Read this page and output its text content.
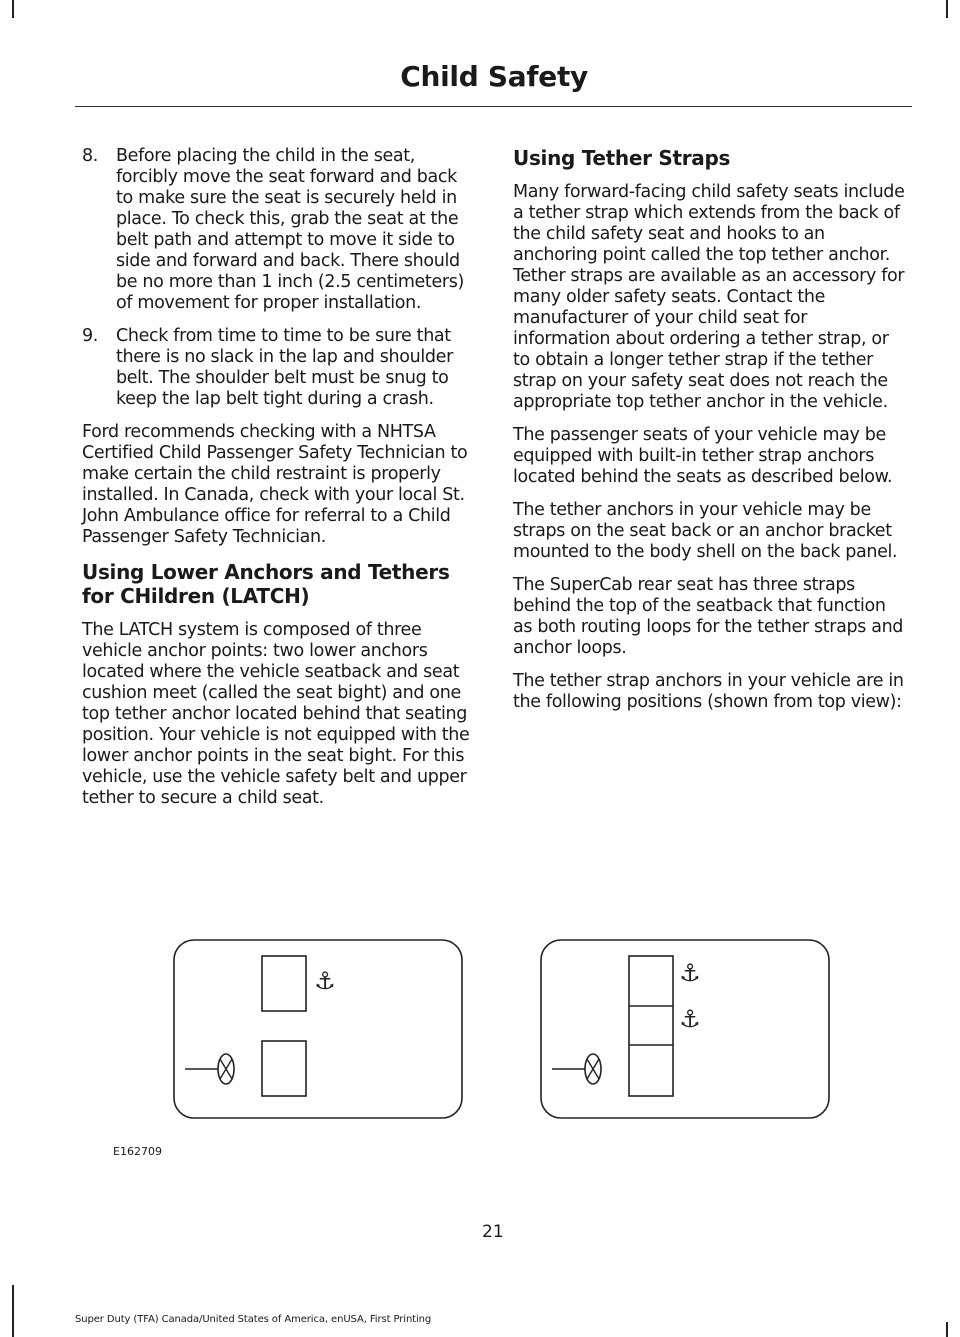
Child Safety
8. Before placing the child in the seat, forcibly move the seat forward and back to make sure the seat is securely held in place. To check this, grab the seat at the belt path and attempt to move it side to side and forward and back. There should be no more than 1 inch (2.5 centimeters) of movement for proper installation.
9. Check from time to time to be sure that there is no slack in the lap and shoulder belt. The shoulder belt must be snug to keep the lap belt tight during a crash.

Ford recommends checking with a NHTSA Certified Child Passenger Safety Technician to make certain the child restraint is properly installed. In Canada, check with your local St. John Ambulance office for referral to a Child Passenger Safety Technician.

Using Lower Anchors and Tethers for CHildren (LATCH)

The LATCH system is composed of three vehicle anchor points: two lower anchors located where the vehicle seatback and seat cushion meet (called the seat bight) and one top tether anchor located behind that seating position. Your vehicle is not equipped with the lower anchor points in the seat bight. For this vehicle, use the vehicle safety belt and upper tether to secure a child seat.

Using Tether Straps

Many forward-facing child safety seats include a tether strap which extends from the back of the child safety seat and hooks to an anchoring point called the top tether anchor. Tether straps are available as an accessory for many older safety seats. Contact the manufacturer of your child seat for information about ordering a tether strap, or to obtain a longer tether strap if the tether strap on your safety seat does not reach the appropriate top tether anchor in the vehicle.

The passenger seats of your vehicle may be equipped with built-in tether strap anchors located behind the seats as described below.

The tether anchors in your vehicle may be straps on the seat back or an anchor bracket mounted to the body shell on the back panel.

The SuperCab rear seat has three straps behind the top of the seatback that function as both routing loops for the tether straps and anchor loops.

The tether strap anchors in your vehicle are in the following positions (shown from top view):

⚓	⚓
⚓
E162709
21
Super Duty (TFA) Canada/United States of America, enUSA, First Printing
